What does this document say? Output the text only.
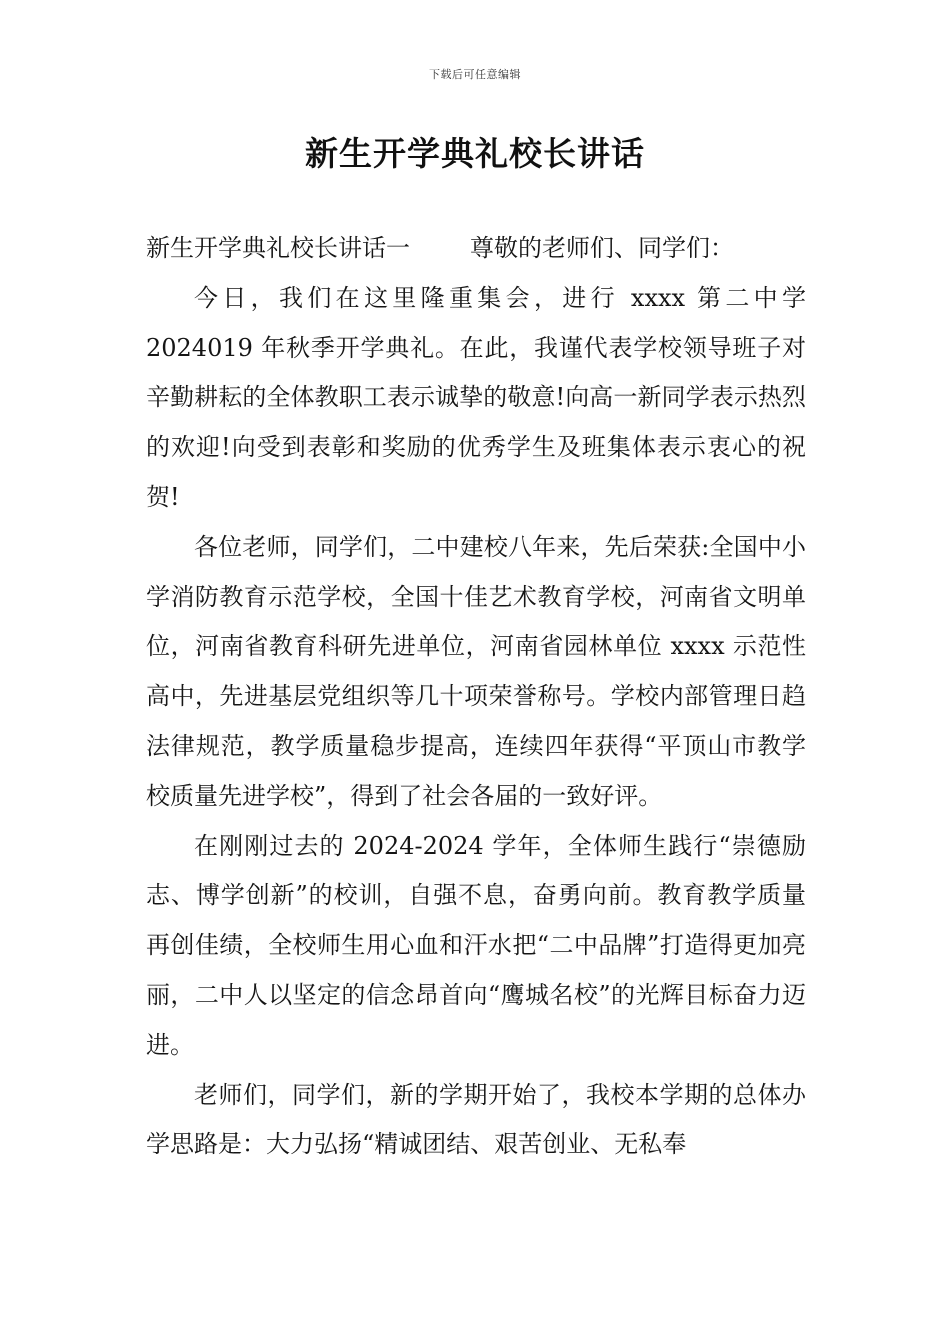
下载后可任意编辑
新生开学典礼校长讲话

新生开学典礼校长讲话一	尊敬的老师们、同学们：

今日，我们在这里隆重集会，进行 xxxx 第二中学 2024019 年秋季开学典礼。在此，我谨代表学校领导班子对辛勤耕耘的全体教职工表示诚挚的敬意!向高一新同学表示热烈的欢迎!向受到表彰和奖励的优秀学生及班集体表示衷心的祝贺!

各位老师，同学们，二中建校八年来，先后荣获:全国中小学消防教育示范学校，全国十佳艺术教育学校，河南省文明单位，河南省教育科研先进单位，河南省园林单位 xxxx 示范性高中，先进基层党组织等几十项荣誉称号。学校内部管理日趋法律规范，教学质量稳步提高，连续四年获得“平顶山市教学校质量先进学校”，得到了社会各届的一致好评。

在刚刚过去的 2024-2024 学年，全体师生践行“崇德励志、博学创新”的校训，自强不息，奋勇向前。教育教学质量再创佳绩，全校师生用心血和汗水把“二中品牌”打造得更加亮丽，二中人以坚定的信念昂首向“鹰城名校”的光辉目标奋力迈进。

老师们，同学们，新的学期开始了，我校本学期的总体办学思路是：大力弘扬“精诚团结、艰苦创业、无私奉
